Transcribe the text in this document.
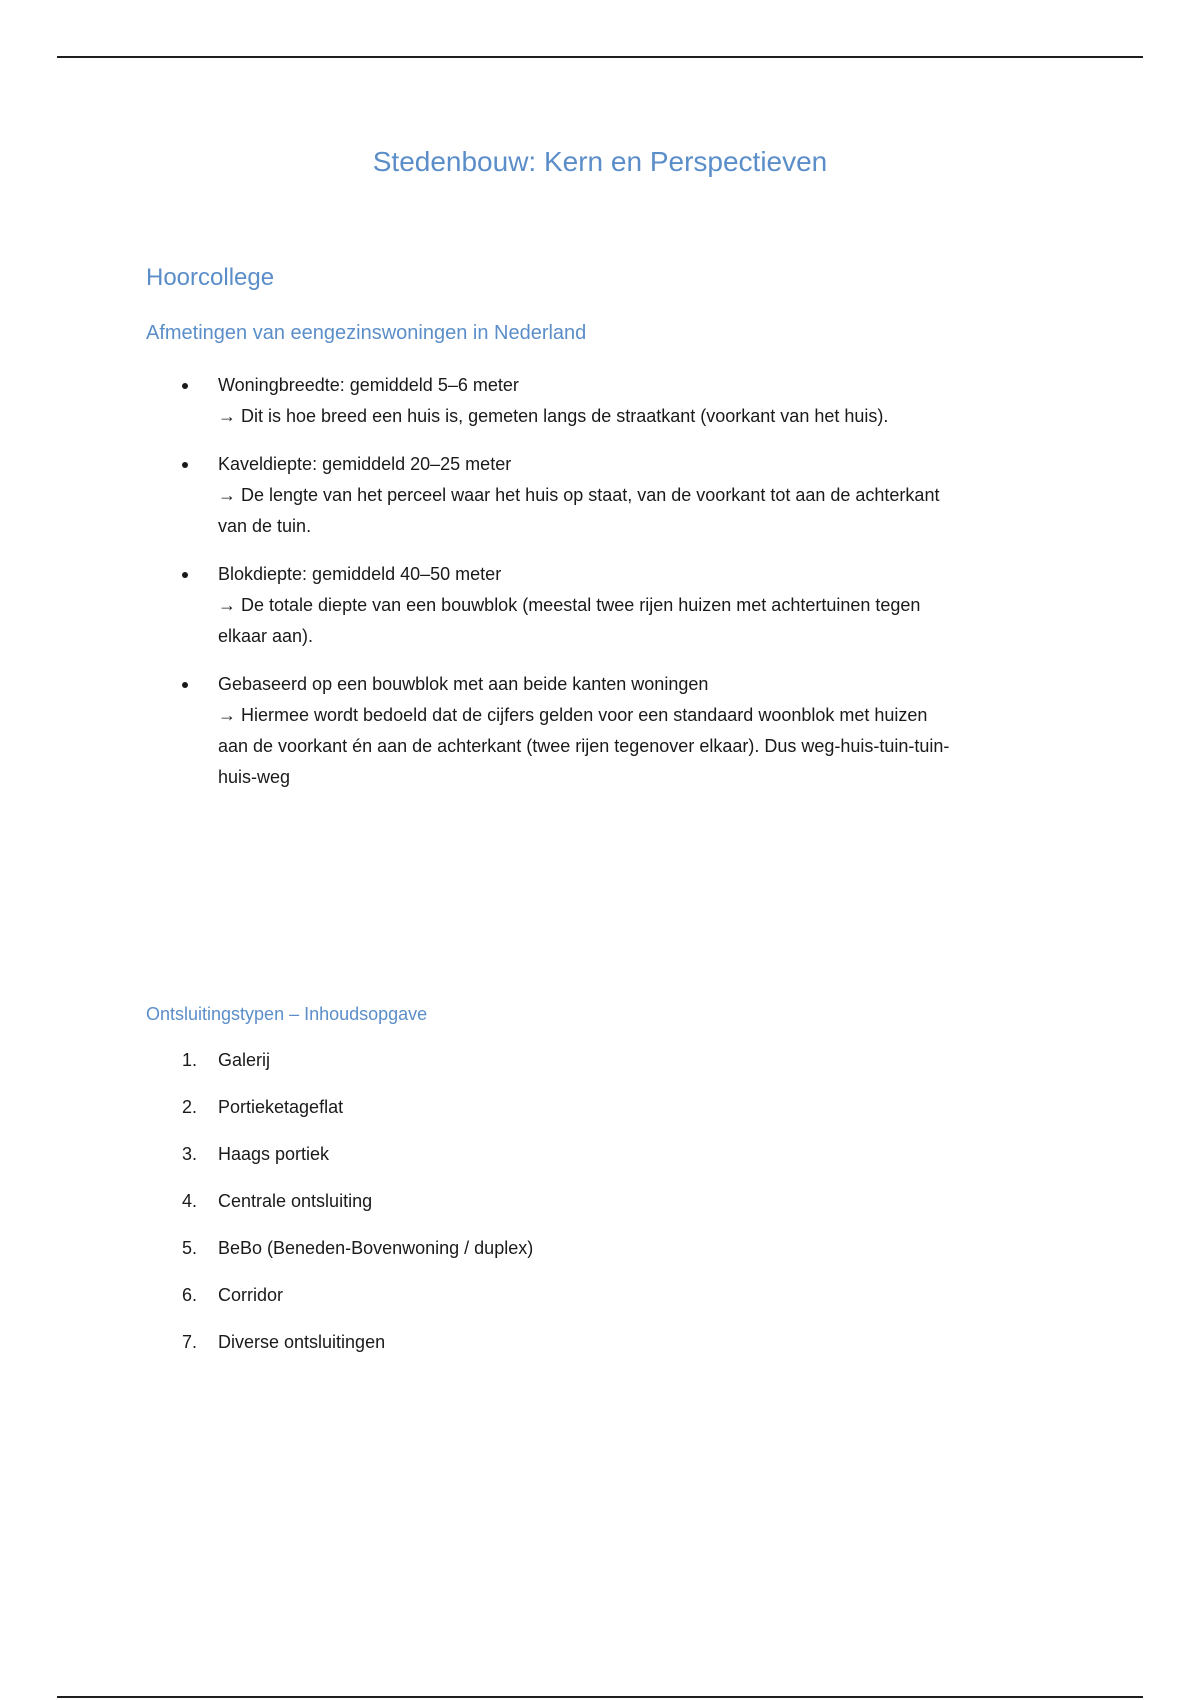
Stedenbouw: Kern en Perspectieven
Hoorcollege
Afmetingen van eengezinswoningen in Nederland
Woningbreedte: gemiddeld 5–6 meter
→ Dit is hoe breed een huis is, gemeten langs de straatkant (voorkant van het huis).
Kaveldiepte: gemiddeld 20–25 meter
→ De lengte van het perceel waar het huis op staat, van de voorkant tot aan de achterkant
van de tuin.
Blokdiepte: gemiddeld 40–50 meter
→ De totale diepte van een bouwblok (meestal twee rijen huizen met achtertuinen tegen
elkaar aan).
Gebaseerd op een bouwblok met aan beide kanten woningen
→ Hiermee wordt bedoeld dat de cijfers gelden voor een standaard woonblok met huizen
aan de voorkant én aan de achterkant (twee rijen tegenover elkaar). Dus weg-huis-tuin-tuin-
huis-weg
Ontsluitingstypen – Inhoudsopgave
1.	Galerij
2.	Portieketageflat
3.	Haags portiek
4.	Centrale ontsluiting
5.	BeBo (Beneden-Bovenwoning / duplex)
6.	Corridor
7.	Diverse ontsluitingen
